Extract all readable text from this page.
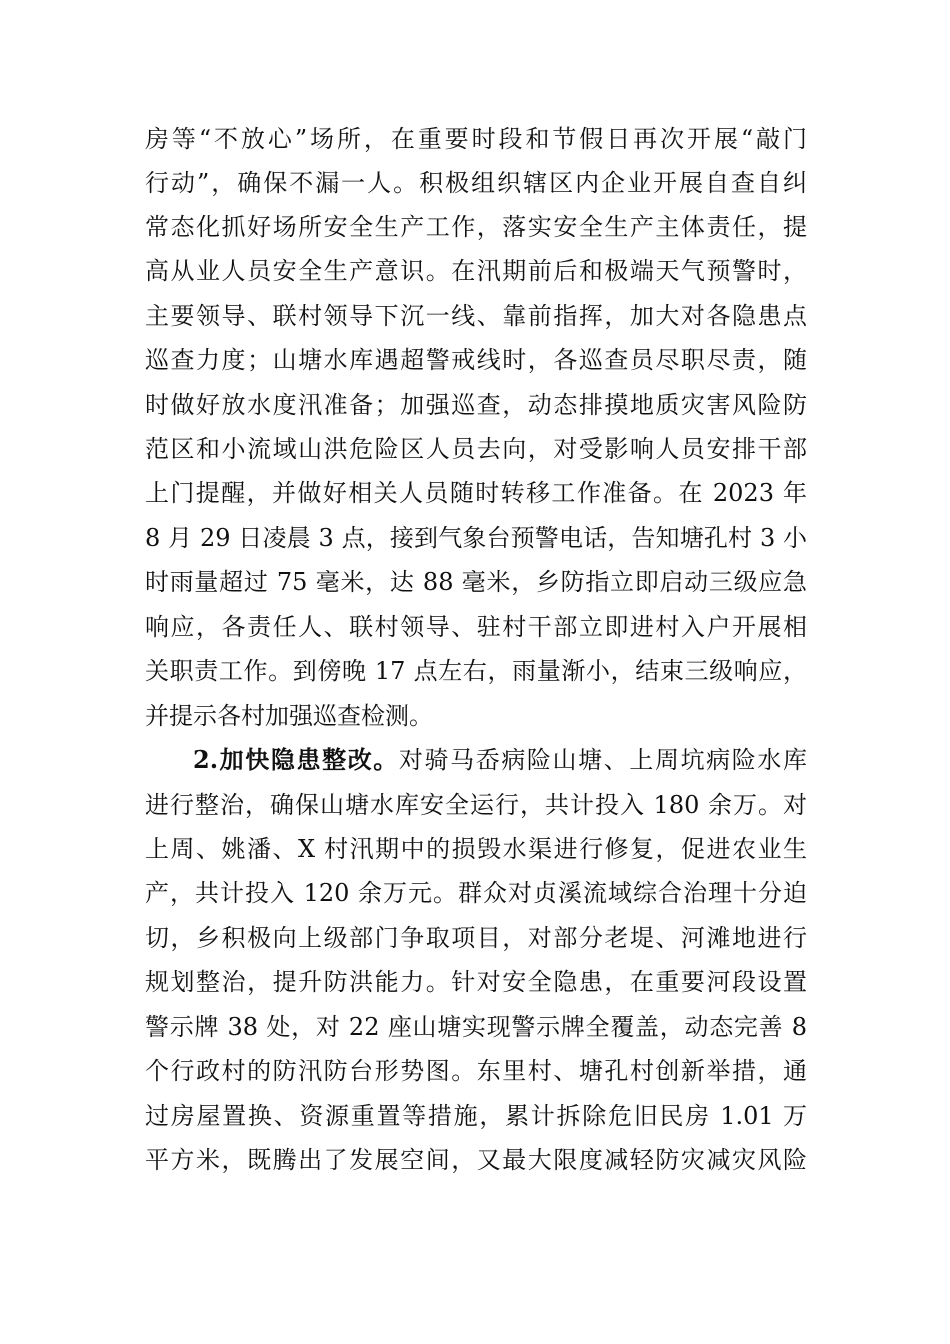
房等“不放心”场所，在重要时段和节假日再次开展“敲门
行动”，确保不漏一人。积极组织辖区内企业开展自查自纠
常态化抓好场所安全生产工作，落实安全生产主体责任，提
高从业人员安全生产意识。在汛期前后和极端天气预警时，
主要领导、联村领导下沉一线、靠前指挥，加大对各隐患点
巡查力度；山塘水库遇超警戒线时，各巡查员尽职尽责，随
时做好放水度汛准备；加强巡查，动态排摸地质灾害风险防
范区和小流域山洪危险区人员去向，对受影响人员安排干部
上门提醒，并做好相关人员随时转移工作准备。在 2023 年
8 月 29 日凌晨 3 点，接到气象台预警电话，告知塘孔村 3 小
时雨量超过 75 毫米，达 88 毫米，乡防指立即启动三级应急
响应，各责任人、联村领导、驻村干部立即进村入户开展相
关职责工作。到傍晚 17 点左右，雨量渐小，结束三级响应，
并提示各村加强巡查检测。
2.加快隐患整改。对骑马岙病险山塘、上周坑病险水库
进行整治，确保山塘水库安全运行，共计投入 180 余万。对
上周、姚潘、X 村汛期中的损毁水渠进行修复，促进农业生
产，共计投入 120 余万元。群众对贞溪流域综合治理十分迫
切，乡积极向上级部门争取项目，对部分老堤、河滩地进行
规划整治，提升防洪能力。针对安全隐患，在重要河段设置
警示牌 38 处，对 22 座山塘实现警示牌全覆盖，动态完善 8
个行政村的防汛防台形势图。东里村、塘孔村创新举措，通
过房屋置换、资源重置等措施，累计拆除危旧民房 1.01 万
平方米，既腾出了发展空间，又最大限度减轻防灾减灾风险
